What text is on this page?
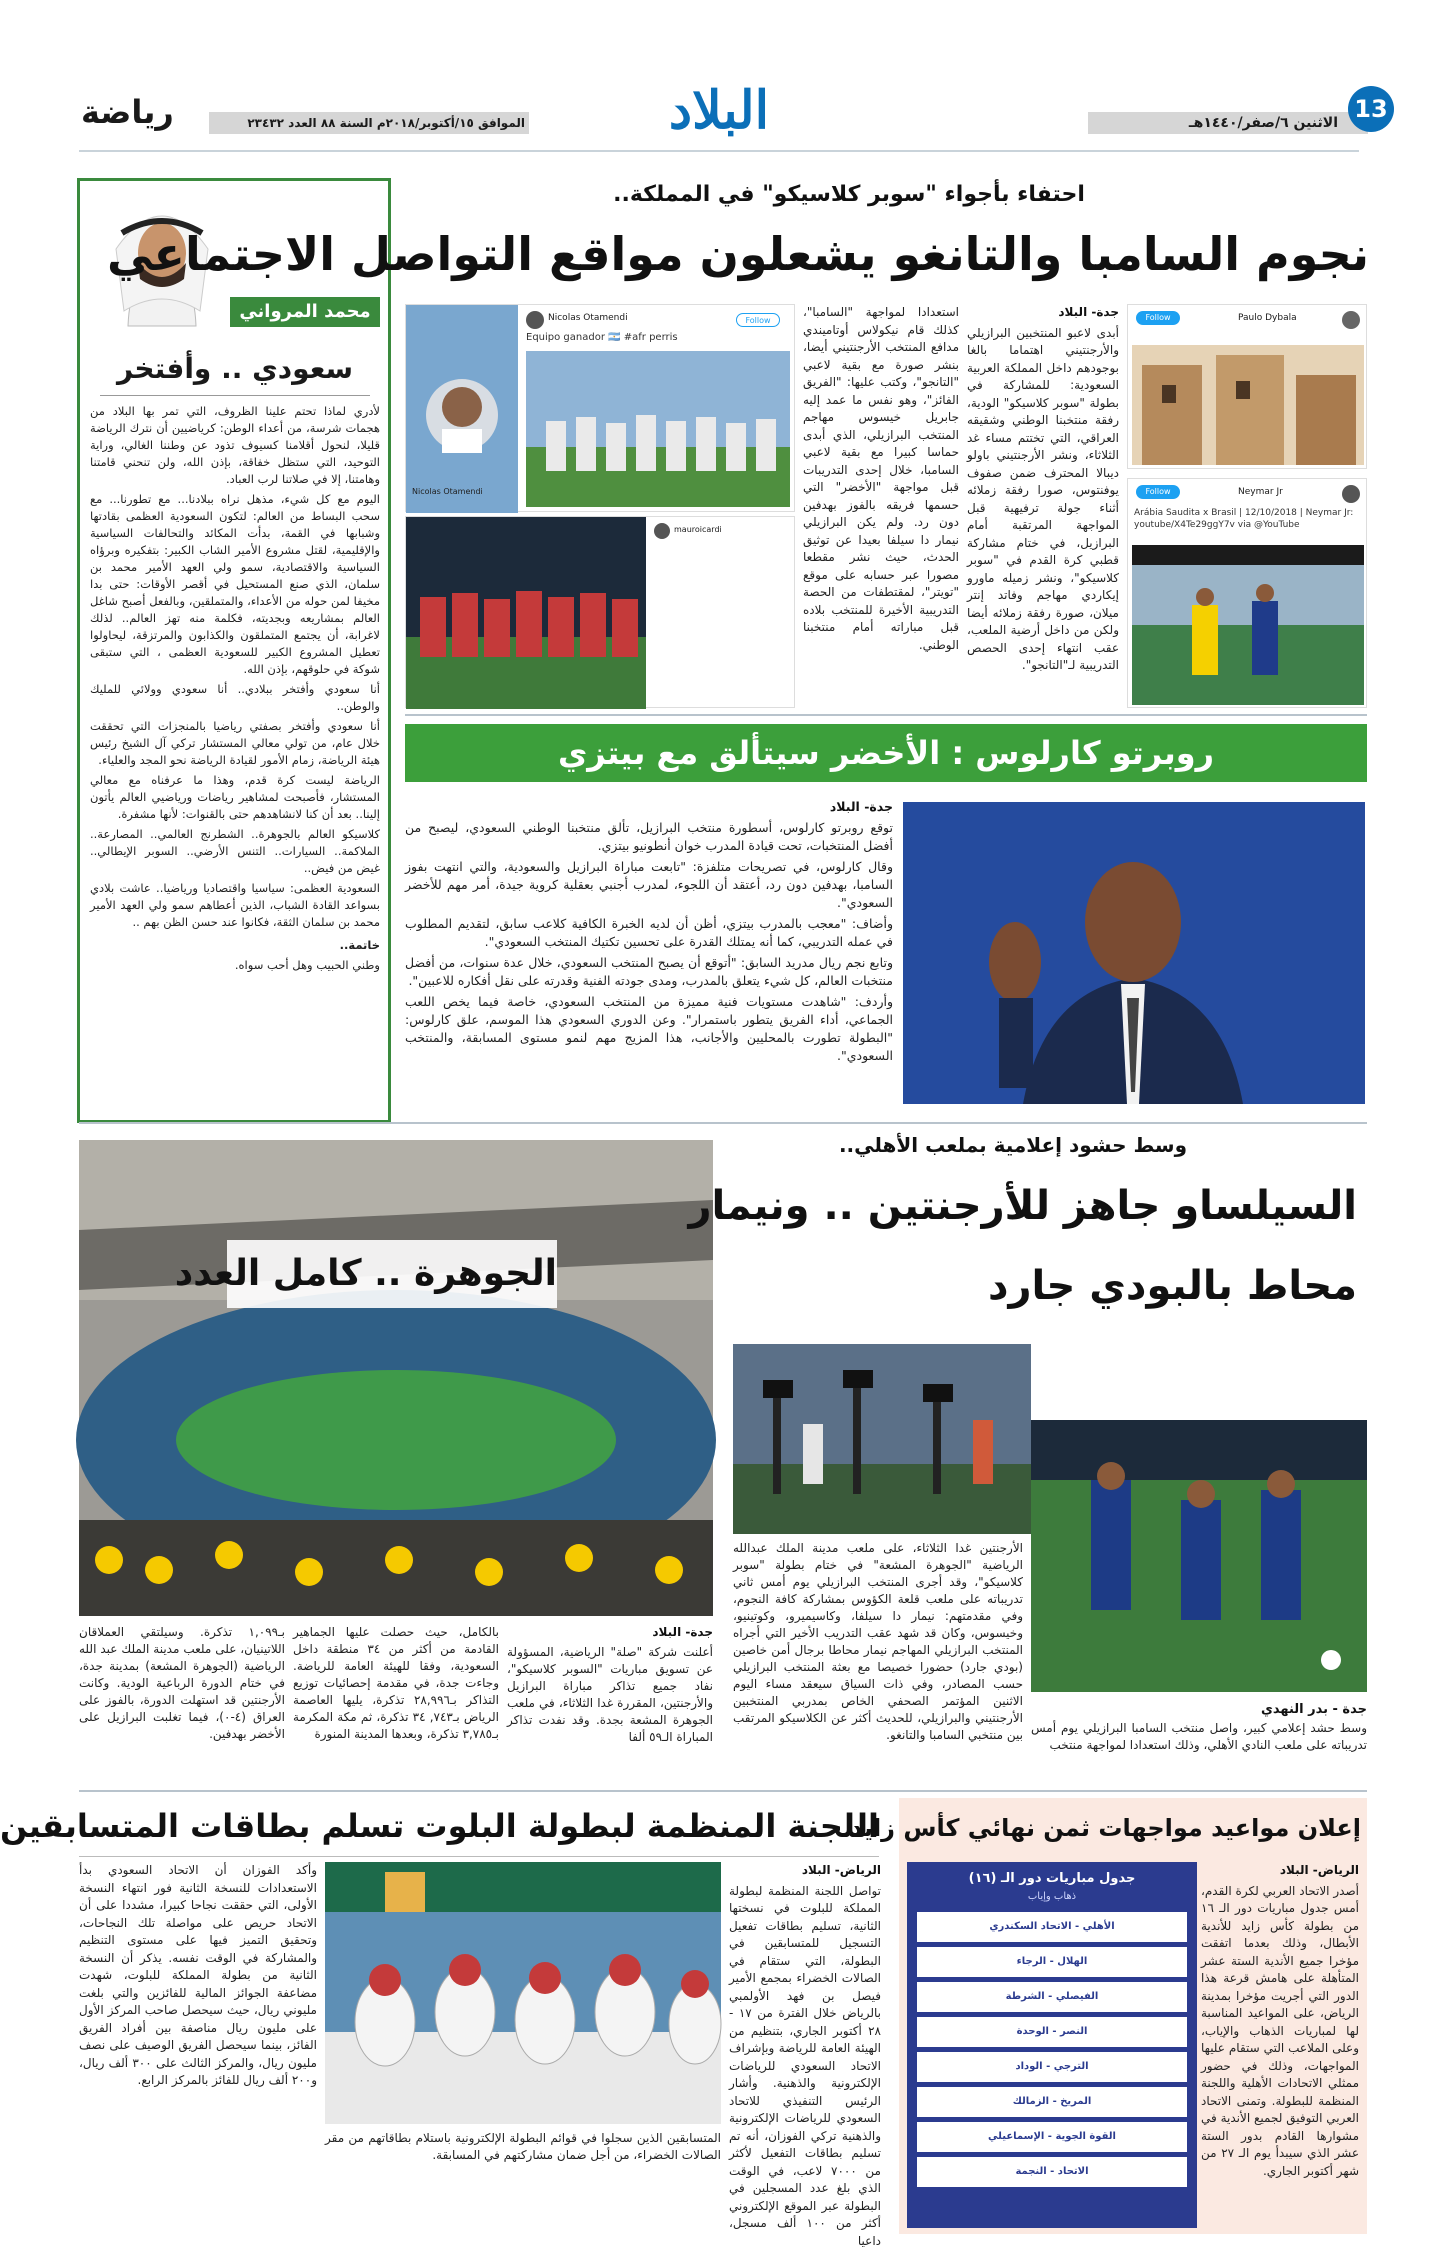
13
الاثنين ٦/صفر/١٤٤٠هـ
البلاد
الموافق ١٥/أكتوبر/٢٠١٨م السنة ٨٨ العدد ٢٣٤٣٢
رياضة
محمد المرواني
سعودي .. وأفتخر

لأدري لماذا تحتم علينا الظروف، التي تمر بها البلاد من هجمات شرسة، من أعداء الوطن: كرياضيين أن نترك الرياضة قليلا، لنحول أقلامنا كسيوف تذود عن وطننا الغالي، وراية التوحيد، التي ستظل خفاقة، بإذن الله، ولن تنحني قامتنا وهامتنا، إلا في صلاتنا لرب العباد.

اليوم مع كل شيء، مذهل نراه ببلادنا... مع تطورنا... مع سحب البساط من العالم: لتكون السعودية العظمى بقادتها وشبابها في القمة، بدأت المكائد والتحالفات السياسية والإقليمية، لقتل مشروع الأمير الشاب الكبير: بتفكيره وبرؤاه السياسية والاقتصادية، سمو ولي العهد الأمير محمد بن سلمان، الذي صنع المستحيل في أقصر الأوقات: حتى بدا مخيفا لمن حوله من الأعداء، والمتملقين، وبالفعل أصبح شاغل العالم بمشاريعه وبجديته، فكلمة منه تهز العالم.. لذلك لاغرابة، أن يجتمع المتملقون والكذابون والمرتزقة، ليحاولوا تعطيل المشروع الكبير للسعودية العظمى ، التي ستبقى شوكة في حلوقهم، بإذن الله.

أنا سعودي وأفتخر ببلادي.. أنا سعودي وولائي للمليك والوطن..

أنا سعودي وأفتخر بصفتي رياضيا بالمنجزات التي تحققت خلال عام، من تولي معالي المستشار تركي آل الشيخ رئيس هيئة الرياضة، زمام الأمور لقيادة الرياضة نحو المجد والعلياء.

الرياضة ليست كرة قدم، وهذا ما عرفناه مع معالي المستشار، فأصبحت لمشاهير رياضات ورياضيي العالم يأتون إلينا.. بعد أن كنا لانشاهدهم حتى بالقنوات: لأنها مشفرة.

كلاسيكو العالم بالجوهرة.. الشطرنج العالمي.. المصارعة.. الملاكمة.. السيارات.. التنس الأرضي.. السوبر الإيطالي.. غيض من فيض..

السعودية العظمى: سياسيا واقتصاديا ورياضيا.. عاشت بلادي بسواعد القادة الشباب، الذين أعطاهم سمو ولي العهد الأمير محمد بن سلمان الثقة، فكانوا عند حسن الظن بهم ..

خاتمة..

وطني الحبيب وهل أحب سواه.

احتفاء بأجواء "سوبر كلاسيكو" في المملكة..
نجوم السامبا والتانغو يشعلون مواقع التواصل الاجتماعي
Paulo Dybala
Follow
Neymar Jr
Follow
Arábia Saudita x Brasil | 12/10/2018 | Neymar Jr: youtube/X4Te29ggY7v via @YouTube

جدة- البلاد

أبدى لاعبو المنتخبين البرازيلي والأرجنتيني اهتماما بالغا بوجودهم داخل المملكة العربية السعودية: للمشاركة في بطولة "سوبر كلاسيكو" الودية، رفقة منتخبنا الوطني وشقيقه العراقي، التي تختتم مساء غد الثلاثاء، ونشر الأرجنتيني باولو ديبالا المحترف ضمن صفوف يوفنتوس، صورا رفقة زملائه أثناء جولة ترفيهية قبل المواجهة المرتقبة أمام البرازيل، في ختام مشاركة قطبي كرة القدم في "سوبر كلاسيكو"، ونشر زميله ماورو إيكاردي مهاجم وفاتد إنتر ميلان، صورة رفقة زملائه أيضا ولكن من داخل أرضية الملعب، عقب انتهاء إحدى الحصص التدريبية لـ"التانجو".

استعدادا لمواجهة "السامبا"، كذلك قام نيكولاس أوتاميندي مدافع المنتخب الأرجنتيني أيضا، بنشر صورة مع بقية لاعبي "التانجو"، وكتب عليها: "الفريق الفائز"، وهو نفس ما عمد إليه جابريل خيسوس مهاجم المنتخب البرازيلي، الذي أبدى حماسا كبيرا مع بقية لاعبي السامبا، خلال إحدى التدريبات قبل مواجهة "الأخضر" التي حسمها فريقه بالفوز بهدفين دون رد. ولم يكن البرازيلي نيمار دا سيلفا بعيدا عن توثيق الحدث، حيث نشر مقطعا مصورا عبر حسابه على موقع "تويتر"، لمقتطفات من الحصة التدريبية الأخيرة للمنتخب بلاده قبل مباراته أمام منتخبنا الوطني.

Nicolas Otamendi	Follow
Equipo ganador 🇦🇷 #afr perris
Nicolas Otamendi
mauroicardi
روبرتو كارلوس : الأخضر سيتألق مع بيتزي

جدة- البلاد

توقع روبرتو كارلوس، أسطورة منتخب البرازيل، تألق منتخبنا الوطني السعودي، ليصبح من أفضل المنتخبات، تحت قيادة المدرب خوان أنطونيو بيتزي.

وقال كارلوس، في تصريحات متلفزة: "تابعت مباراة البرازيل والسعودية، والتي انتهت بفوز السامبا، بهدفين دون رد، أعتقد أن اللجوء، لمدرب أجنبي بعقلية كروية جيدة، أمر مهم للأخضر السعودي".

وأضاف: "معجب بالمدرب بيتزي، أظن أن لديه الخبرة الكافية كلاعب سابق، لتقديم المطلوب في عمله التدريبي، كما أنه يمتلك القدرة على تحسين تكتيك المنتخب السعودي".

وتابع نجم ريال مدريد السابق: "أتوقع أن يصبح المنتخب السعودي، خلال عدة سنوات، من أفضل منتخبات العالم، كل شيء يتعلق بالمدرب، ومدى جودته الفنية وقدرته على نقل أفكاره للاعبين".

وأردف: "شاهدت مستويات فنية مميزة من المنتخب السعودي، خاصة فيما يخص اللعب الجماعي، أداء الفريق يتطور باستمرار". وعن الدوري السعودي هذا الموسم، علق كارلوس: "البطولة تطورت بالمحليين والأجانب، هذا المزيج مهم لنمو مستوى المسابقة، والمنتخب السعودي".

الجوهرة .. كامل العدد

جدة- البلاد

أعلنت شركة "صلة" الرياضية، المسؤولة عن تسويق مباريات "السوبر كلاسيكو"، نفاد جميع تذاكر مباراة البرازيل والأرجنتين، المقررة غدا الثلاثاء، في ملعب الجوهرة المشعة بجدة. وقد نفدت تذاكر المباراة الـ٥٩ ألفا

بالكامل، حيث حصلت عليها الجماهير القادمة من أكثر من ٣٤ منطقة داخل السعودية، وفقا للهيئة العامة للرياضة. وجاءت جدة، في مقدمة إحصائيات توزيع التذاكر بـ٢٨,٩٩٦ تذكرة، يليها العاصمة الرياض بـ٧٤٣, ٣٤ تذكرة، ثم مكة المكرمة بـ٣,٧٨٥ تذكرة، وبعدها المدينة المنورة

بـ١,٠٩٩ تذكرة. وسيلتقي العملاقان اللاتينيان، على ملعب مدينة الملك عبد الله الرياضية (الجوهرة المشعة) بمدينة جدة، في ختام الدورة الرباعية الودية. وكانت الأرجنتين قد استهلت الدورة، بالفوز على العراق (٤-٠)، فيما تغلبت البرازيل على الأخضر بهدفين.

وسط حشود إعلامية بملعب الأهلي..
السيلساو جاهز للأرجنتين .. ونيمار
محاط بالبودي جارد
الأرجنتين غدا الثلاثاء، على ملعب مدينة الملك عبدالله الرياضية "الجوهرة المشعة" في ختام بطولة "سوبر كلاسيكو"، وقد أجرى المنتخب البرازيلي يوم أمس ثاني تدريباته على ملعب قلعة الكؤوس بمشاركة كافة النجوم، وفي مقدمتهم: نيمار دا سيلفا، وكاسيميرو، وكوتينيو، وخيسوس، وكان قد شهد عقب التدريب الأخير التي أجراه المنتخب البرازيلي المهاجم نيمار محاطا برجال أمن خاصين (بودي جارد) حضورا خصيصا مع بعثة المنتخب البرازيلي حسب المصادر، وفي ذات السياق سيعقد مساء اليوم الاثنين المؤتمر الصحفي الخاص بمدربي المنتخبين الأرجنتيني والبرازيلي، للحديث أكثر عن الكلاسيكو المرتقب بين منتخبي السامبا والتانغو.
جدة - بدر النهدي
وسط حشد إعلامي كبير، واصل منتخب السامبا البرازيلي يوم أمس تدريباته على ملعب النادي الأهلي، وذلك استعدادا لمواجهة منتخب
اللجنة المنظمة لبطولة البلوت تسلم بطاقات المتسابقين

الرياض- البلاد

تواصل اللجنة المنظمة لبطولة المملكة للبلوت في نسختها الثانية، تسليم بطاقات تفعيل التسجيل للمتسابقين في البطولة، التي ستقام في الصالات الخضراء بمجمع الأمير فيصل بن فهد الأولمبي بالرياض خلال الفترة من ١٧ - ٢٨ أكتوبر الجاري، بتنظيم من الهيئة العامة للرياضة وبإشراف الاتحاد السعودي للرياضات الإلكترونية والذهنية. وأشار الرئيس التنفيذي للاتحاد السعودي للرياضات الإلكترونية والذهنية تركي الفوزان، أنه تم تسليم بطاقات التفعيل لأكثر من ٧٠٠٠ لاعب، في الوقت الذي بلغ عدد المسجلين في البطولة عبر الموقع الإلكتروني أكثر من ١٠٠ ألف مسجل، داعيا

المتسابقين الذين سجلوا في قوائم البطولة الإلكترونية باستلام بطاقاتهم من مقر الصالات الخضراء، من أجل ضمان مشاركتهم في المسابقة.

وأكد الفوزان أن الاتحاد السعودي بدأ الاستعدادات للنسخة الثانية فور انتهاء النسخة الأولى، التي حققت نجاحا كبيرا، مشددا على أن الاتحاد حريص على مواصلة تلك النجاحات، وتحقيق التميز فيها على مستوى التنظيم والمشاركة في الوقت نفسه. يذكر أن النسخة الثانية من بطولة المملكة للبلوت، شهدت مضاعفة الجوائز المالية للفائزين والتي بلغت مليوني ريال، حيث سيحصل صاحب المركز الأول على مليون ريال مناصفة بين أفراد الفريق الفائز، بينما سيحصل الفريق الوصيف على نصف مليون ريال، والمركز الثالث على ٣٠٠ ألف ريال، و٢٠٠ ألف ريال للفائز بالمركز الرابع.

إعلان مواعيد مواجهات ثمن نهائي كأس زايد

الرياض- البلاد

أصدر الاتحاد العربي لكرة القدم، أمس جدول مباريات دور الـ ١٦ من بطولة كأس زايد للأندية الأبطال، وذلك بعدما اتفقت مؤخرا جميع الأندية الستة عشر المتأهلة على هامش قرعة هذا الدور التي أجريت مؤخرا بمدينة الرياض، على المواعيد المناسبة لها لمباريات الذهاب والإياب، وعلى الملاعب التي ستقام عليها المواجهات، وذلك في حضور ممثلي الاتحادات الأهلية واللجنة المنظمة للبطولة. وتمنى الاتحاد العربي التوفيق لجميع الأندية في مشوارها القادم بدور الستة عشر الذي سيبدأ يوم الـ ٢٧ من شهر أكتوبر الجاري.

جدول مباريات دور الـ (١٦)
ذهاب وإياب
الأهلي - الاتحاد السكندري
الهلال - الرجاء
الفيصلي - الشرطة
النصر - الوحدة
الترجي - الوداد
المريخ - الزمالك
القوة الجوية - الإسماعيلي
الاتحاد - النجمة
